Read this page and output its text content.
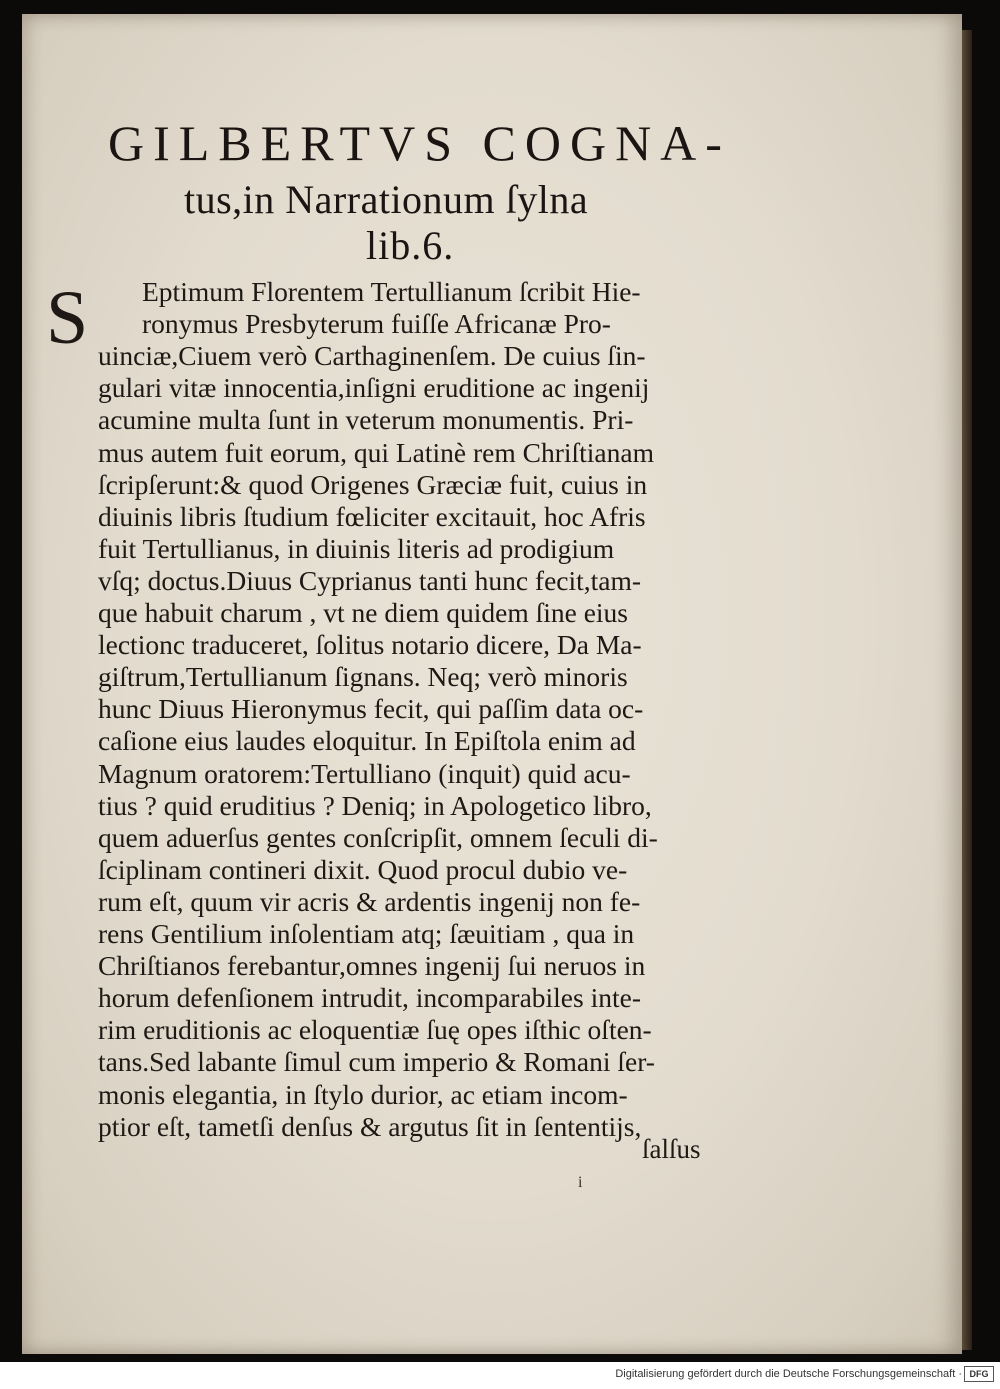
GILBERTVS COGNA-
tus,in Narrationum ſylna
lib.6.
S Eptimum Florentem Tertullianum ſcribit Hie-
ronymus Presbyterum fuiſſe Africanæ Pro-
uinciæ,Ciuem verò Carthaginenſem. De cuius ſin-
gulari vitæ innocentia,inſigni eruditione ac ingenij
acumine multa ſunt in veterum monumentis. Pri-
mus autem fuit eorum, qui Latinè rem Chriſtianam
ſcripſerunt:& quod Origenes Græciæ fuit, cuius in
diuinis libris ſtudium fœliciter excitauit, hoc Afris
fuit Tertullianus, in diuinis literis ad prodigium
vſq; doctus.Diuus Cyprianus tanti hunc fecit,tam-
que habuit charum , vt ne diem quidem ſine eius
lectionc traduceret, ſolitus notario dicere, Da Ma-
giſtrum,Tertullianum ſignans. Neq; verò minoris
hunc Diuus Hieronymus fecit, qui paſſim data oc-
caſione eius laudes eloquitur. In Epiſtola enim ad
Magnum oratorem:Tertulliano (inquit) quid acu-
tius ? quid eruditius ? Deniq; in Apologetico libro,
quem aduerſus gentes conſcripſit, omnem ſeculi di-
ſciplinam contineri dixit. Quod procul dubio ve-
rum eſt, quum vir acris & ardentis ingenij non fe-
rens Gentilium inſolentiam atq; ſæuitiam , qua in
Chriſtianos ferebantur,omnes ingenij ſui neruos in
horum defenſionem intrudit, incomparabiles inte-
rim eruditionis ac eloquentiæ ſuę opes iſthic oſten-
tans.Sed labante ſimul cum imperio & Romani ſer-
monis elegantia, in ſtylo durior, ac etiam incom-
ptior eſt, tametſi denſus & argutus ſit in ſententijs,
ſalſus
i
Digitalisierung gefördert durch die Deutsche Forschungsgemeinschaft · DFG
